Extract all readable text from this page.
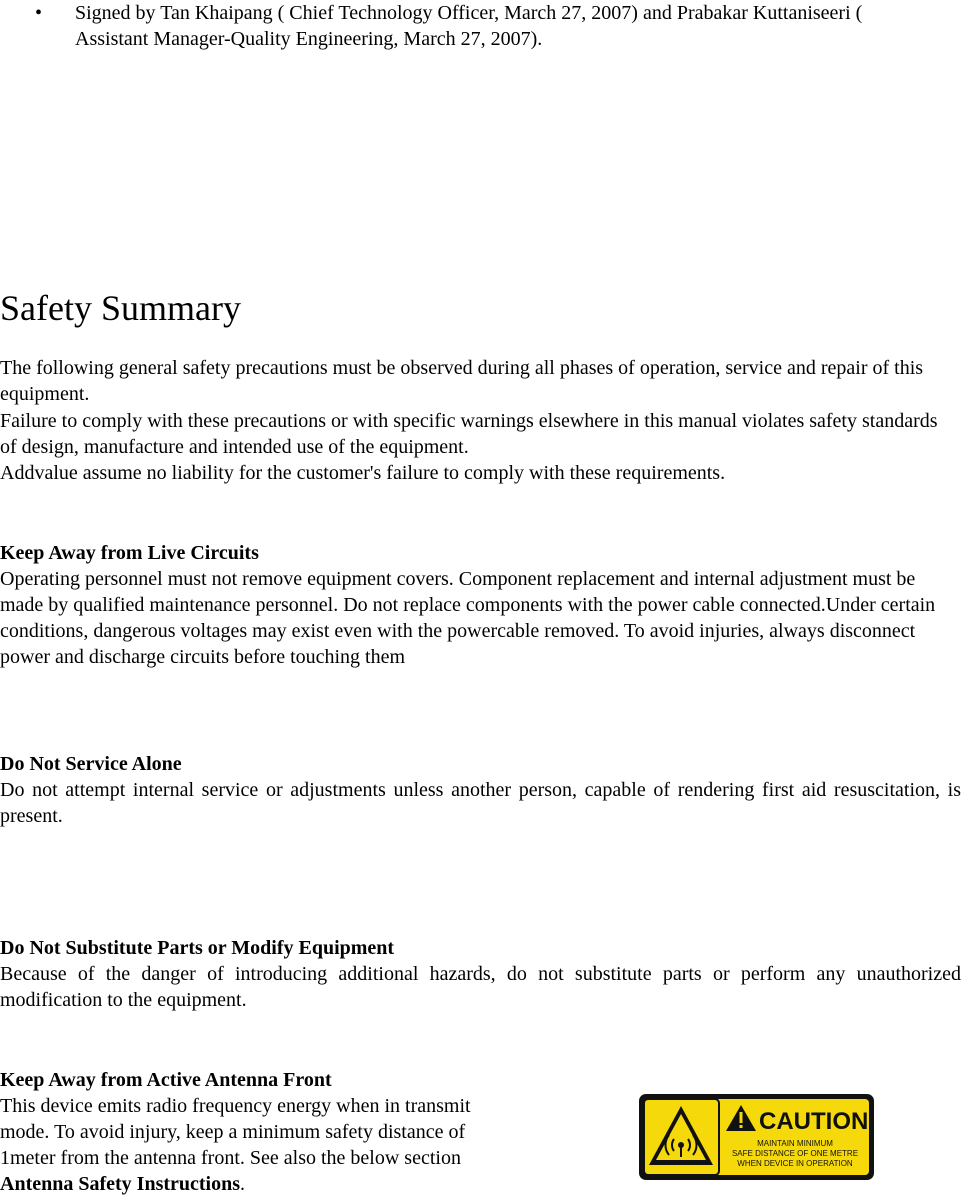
• Signed by Tan Khaipang ( Chief Technology Officer, March 27, 2007) and Prabakar Kuttaniseeri ( Assistant Manager-Quality Engineering, March 27, 2007).
Safety Summary

The following general safety precautions must be observed during all phases of operation, service and repair of this equipment.

Failure to comply with these precautions or with specific warnings elsewhere in this manual violates safety standards of design, manufacture and intended use of the equipment.

Addvalue assume no liability for the customer's failure to comply with these requirements.

Keep Away from Live Circuits

Operating personnel must not remove equipment covers. Component replacement and internal adjustment must be made by qualified maintenance personnel. Do not replace components with the power cable connected.Under certain conditions, dangerous voltages may exist even with the powercable removed. To avoid injuries, always disconnect power and discharge circuits before touching them

Do Not Service Alone

Do not attempt internal service or adjustments unless another person, capable of rendering first aid resuscitation, is present.

Do Not Substitute Parts or Modify Equipment

Because of the danger of introducing additional hazards, do not substitute parts or perform any unauthorized modification to the equipment.

Keep Away from Active Antenna Front

This device emits radio frequency energy when in transmit mode. To avoid injury, keep a minimum safety distance of 1meter from the antenna front. See also the below section Antenna Safety Instructions.

CAUTION
MAINTAIN MINIMUM
SAFE DISTANCE OF ONE METRE
WHEN DEVICE IN OPERATION
